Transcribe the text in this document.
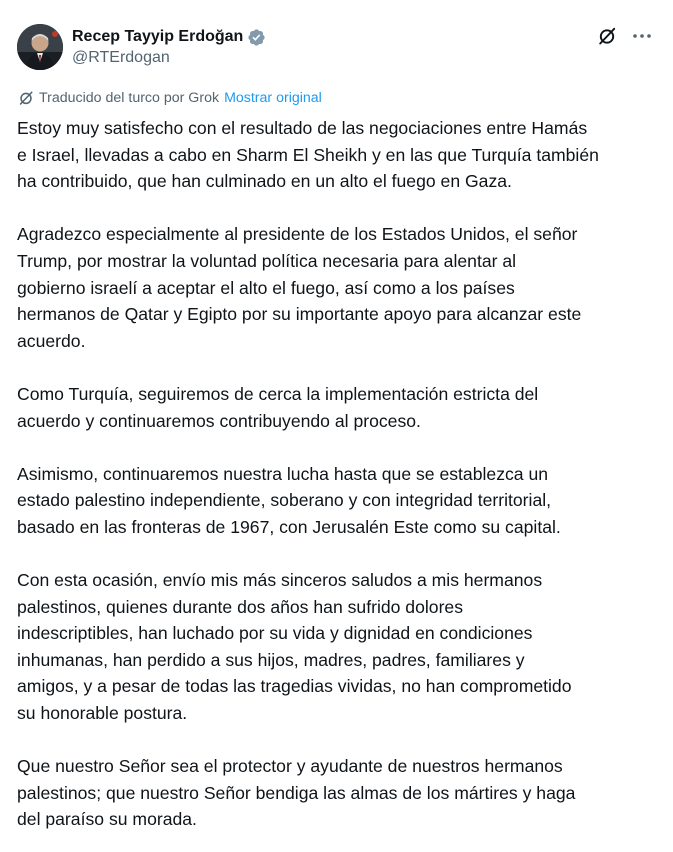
Recep Tayyip Erdoğan
@RTErdogan
Traducido del turco por Grok Mostrar original

Estoy muy satisfecho con el resultado de las negociaciones entre Hamás
e Israel, llevadas a cabo en Sharm El Sheikh y en las que Turquía también
ha contribuido, que han culminado en un alto el fuego en Gaza.

Agradezco especialmente al presidente de los Estados Unidos, el señor
Trump, por mostrar la voluntad política necesaria para alentar al
gobierno israelí a aceptar el alto el fuego, así como a los países
hermanos de Qatar y Egipto por su importante apoyo para alcanzar este
acuerdo.

Como Turquía, seguiremos de cerca la implementación estricta del
acuerdo y continuaremos contribuyendo al proceso.

Asimismo, continuaremos nuestra lucha hasta que se establezca un
estado palestino independiente, soberano y con integridad territorial,
basado en las fronteras de 1967, con Jerusalén Este como su capital.

Con esta ocasión, envío mis más sinceros saludos a mis hermanos
palestinos, quienes durante dos años han sufrido dolores
indescriptibles, han luchado por su vida y dignidad en condiciones
inhumanas, han perdido a sus hijos, madres, padres, familiares y
amigos, y a pesar de todas las tragedias vividas, no han comprometido
su honorable postura.

Que nuestro Señor sea el protector y ayudante de nuestros hermanos
palestinos; que nuestro Señor bendiga las almas de los mártires y haga
del paraíso su morada.
